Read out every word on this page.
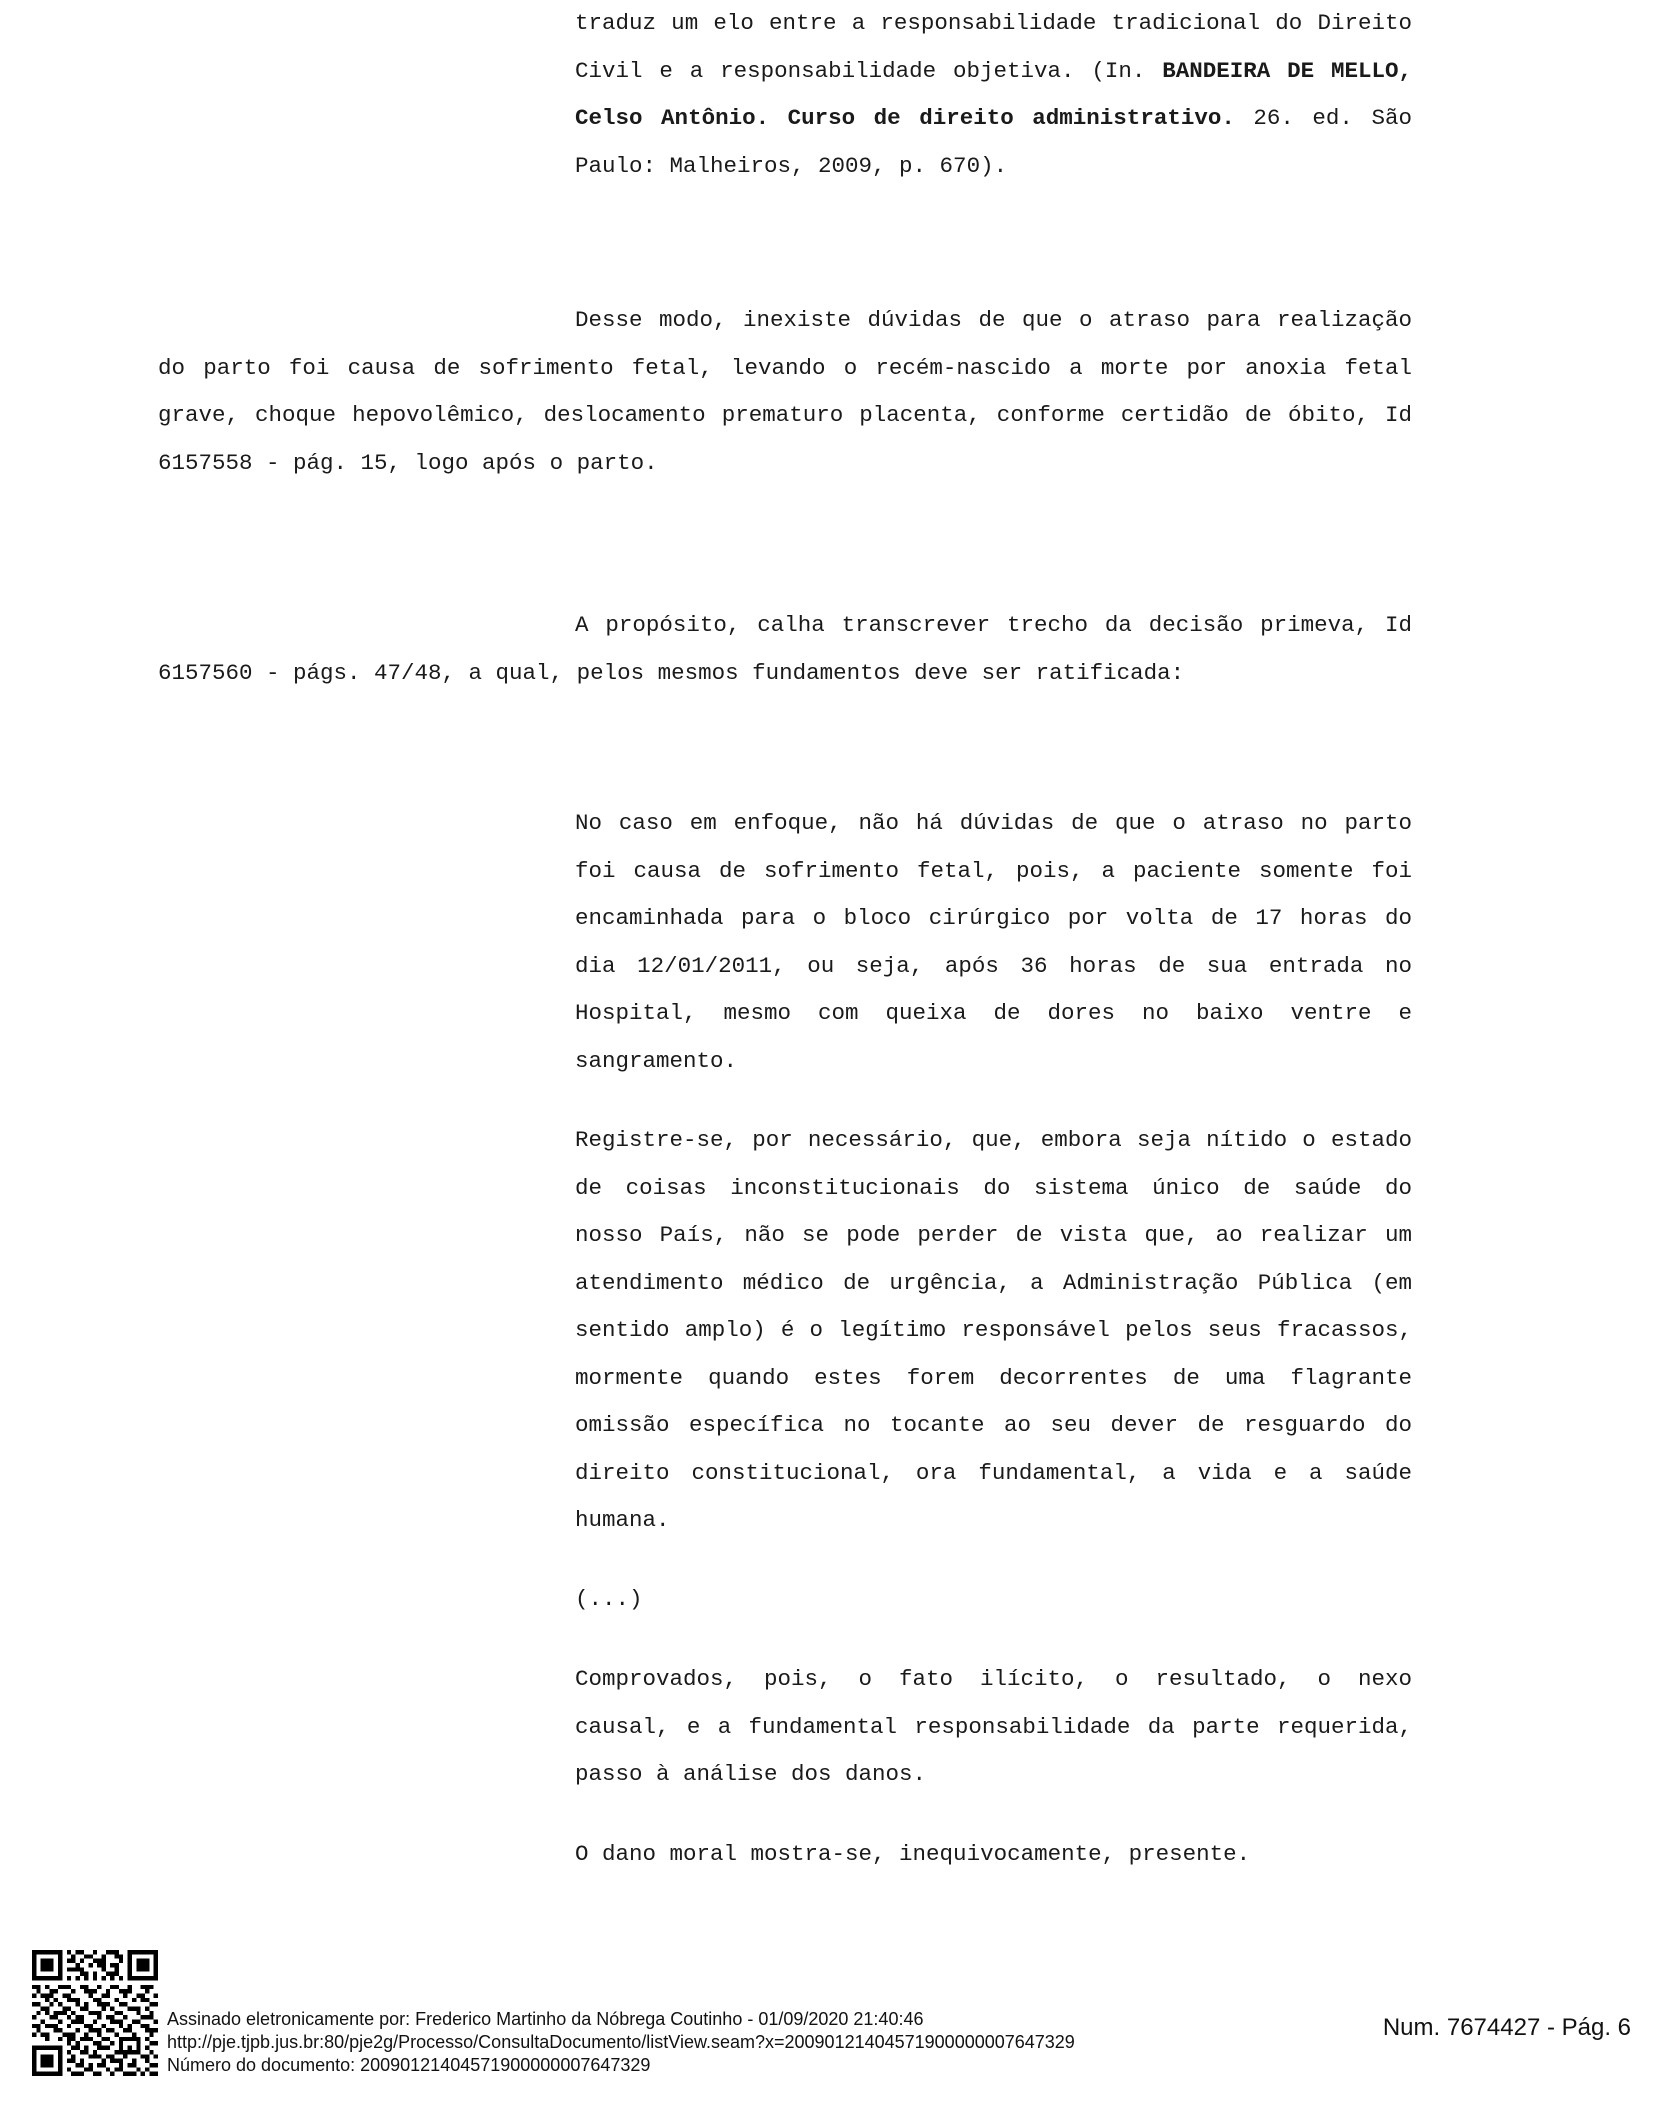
traduz um elo entre a responsabilidade tradicional do Direito Civil e a responsabilidade objetiva. (In. BANDEIRA DE MELLO, Celso Antônio. Curso de direito administrativo. 26. ed. São Paulo: Malheiros, 2009, p. 670).

Desse modo, inexiste dúvidas de que o atraso para realização do parto foi causa de sofrimento fetal, levando o recém-nascido a morte por anoxia fetal grave, choque hepovolêmico, deslocamento prematuro placenta, conforme certidão de óbito, Id 6157558 - pág. 15, logo após o parto.

A propósito, calha transcrever trecho da decisão primeva, Id 6157560 - págs. 47/48, a qual, pelos mesmos fundamentos deve ser ratificada:

No caso em enfoque, não há dúvidas de que o atraso no parto foi causa de sofrimento fetal, pois, a paciente somente foi encaminhada para o bloco cirúrgico por volta de 17 horas do dia 12/01/2011, ou seja, após 36 horas de sua entrada no Hospital, mesmo com queixa de dores no baixo ventre e sangramento.

Registre-se, por necessário, que, embora seja nítido o estado de coisas inconstitucionais do sistema único de saúde do nosso País, não se pode perder de vista que, ao realizar um atendimento médico de urgência, a Administração Pública (em sentido amplo) é o legítimo responsável pelos seus fracassos, mormente quando estes forem decorrentes de uma flagrante omissão específica no tocante ao seu dever de resguardo do direito constitucional, ora fundamental, a vida e a saúde humana.

(...)

Comprovados, pois, o fato ilícito, o resultado, o nexo causal, e a fundamental responsabilidade da parte requerida, passo à análise dos danos.

O dano moral mostra-se, inequivocamente, presente.

Assinado eletronicamente por: Frederico Martinho da Nóbrega Coutinho - 01/09/2020 21:40:46
http://pje.tjpb.jus.br:80/pje2g/Processo/ConsultaDocumento/listView.seam?x=20090121404571900000007647329
Número do documento: 20090121404571900000007647329
Num. 7674427 - Pág. 6
